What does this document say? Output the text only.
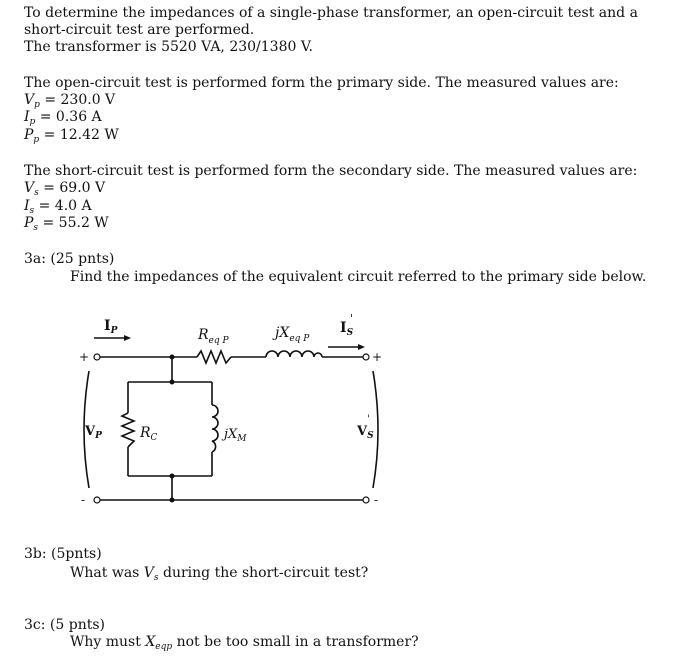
To determine the impedances of a single-phase transformer, an open-circuit test and a
short-circuit test are performed.
The transformer is 5520 VA, 230/1380 V.
The open-circuit test is performed form the primary side. The measured values are:
$V_p = 230.0$ V
$I_p = 0.36$ A
$P_p = 12.42$ W
The short-circuit test is performed form the secondary side. The measured values are:
$V_s = 69.0$ V
$I_s = 4.0$ A
$P_s = 55.2$ W
3a: (25 pnts)
Find the impedances of the equivalent circuit referred to the primary side below.
+
-
+
-
$I_P$	$R_{eq P}$	$jX_{eq P}$
$I_S$
'
$V_P$	$R_C$	$jX_M$	$V_S$
'
3b: (5pnts)
What was $V_s$ during the short-circuit test?
3c: (5 pnts)
Why must $X_{eqp}$ not be too small in a transformer?
